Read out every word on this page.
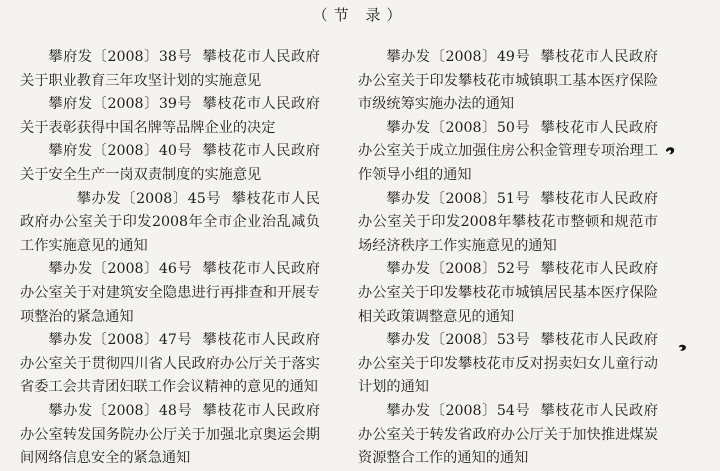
（节 录）

攀府发〔2008〕38号 攀枝花市人民政府关于职业教育三年攻坚计划的实施意见

攀府发〔2008〕39号 攀枝花市人民政府关于表彰获得中国名牌等品牌企业的决定

攀府发〔2008〕40号 攀枝花市人民政府关于安全生产一岗双责制度的实施意见

攀办发〔2008〕45号 攀枝花市人民政府办公室关于印发2008年全市企业治乱减负工作实施意见的通知

攀办发〔2008〕46号 攀枝花市人民政府办公室关于对建筑安全隐患进行再排查和开展专项整治的紧急通知

攀办发〔2008〕47号 攀枝花市人民政府办公室关于贯彻四川省人民政府办公厅关于落实省委工会共青团妇联工作会议精神的意见的通知

攀办发〔2008〕48号 攀枝花市人民政府办公室转发国务院办公厅关于加强北京奥运会期间网络信息安全的紧急通知

攀办发〔2008〕49号 攀枝花市人民政府办公室关于印发攀枝花市城镇职工基本医疗保险市级统筹实施办法的通知

攀办发〔2008〕50号 攀枝花市人民政府办公室关于成立加强住房公积金管理专项治理工作领导小组的通知

攀办发〔2008〕51号 攀枝花市人民政府办公室关于印发2008年攀枝花市整顿和规范市场经济秩序工作实施意见的通知

攀办发〔2008〕52号 攀枝花市人民政府办公室关于印发攀枝花市城镇居民基本医疗保险相关政策调整意见的通知

攀办发〔2008〕53号 攀枝花市人民政府办公室关于印发攀枝花市反对拐卖妇女儿童行动计划的通知

攀办发〔2008〕54号 攀枝花市人民政府办公室关于转发省政府办公厅关于加快推进煤炭资源整合工作的通知的通知
